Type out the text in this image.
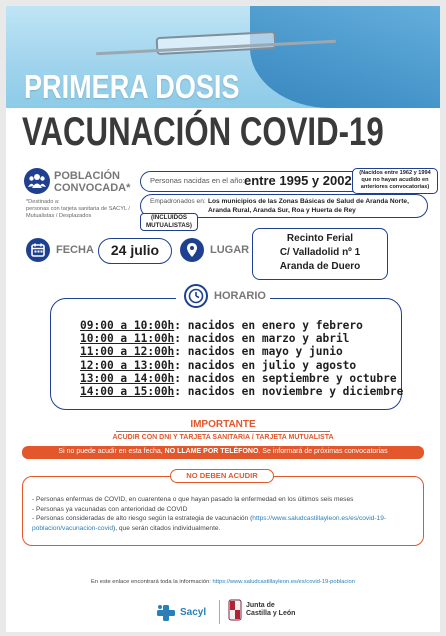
PRIMERA DOSIS
VACUNACIÓN COVID-19
POBLACIÓN
CONVOCADA*
*Destinado a:
personas con tarjeta sanitaria de SACYL / Mutualistas / Desplazados
Personas nacidas en el año: entre 1995 y 2002	(Nacidos entre 1962 y 1994 que no hayan acudido en anteriores convocatorias)
Empadronados en: Los municipios de las Zonas Básicas de Salud de Aranda Norte, Aranda Rural, Aranda Sur, Roa y Huerta de Rey
(INCLUIDOS MUTUALISTAS)
FECHA	24 julio	LUGAR
Recinto Ferial
C/ Valladolid nº 1
Aranda de Duero
HORARIO
09:00 a 10:00h: nacidos en enero y febrero
10:00 a 11:00h: nacidos en marzo y abril
11:00 a 12:00h: nacidos en mayo y junio
12:00 a 13:00h: nacidos en julio y agosto
13:00 a 14:00h: nacidos en septiembre y octubre
14:00 a 15:00h: nacidos en noviembre y diciembre
IMPORTANTE
ACUDIR CON DNI Y TARJETA SANITARIA / TARJETA MUTUALISTA
Si no puede acudir en esta fecha, NO LLAME POR TELÉFONO. Se informará de próximas convocatorias
NO DEBEN ACUDIR
- Personas enfermas de COVID, en cuarentena o que hayan pasado la enfermedad en los últimos seis meses
- Personas ya vacunadas con anterioridad de COVID
- Personas consideradas de alto riesgo según la estrategia de vacunación (https://www.saludcastillayleon.es/es/covid-19-poblacion/vacunacion-covid), que serán citados individualmente.
En este enlace encontrará toda la información: https://www.saludcastillayleon.es/es/covid-19-poblacion
Sacyl
Junta de
Castilla y León
